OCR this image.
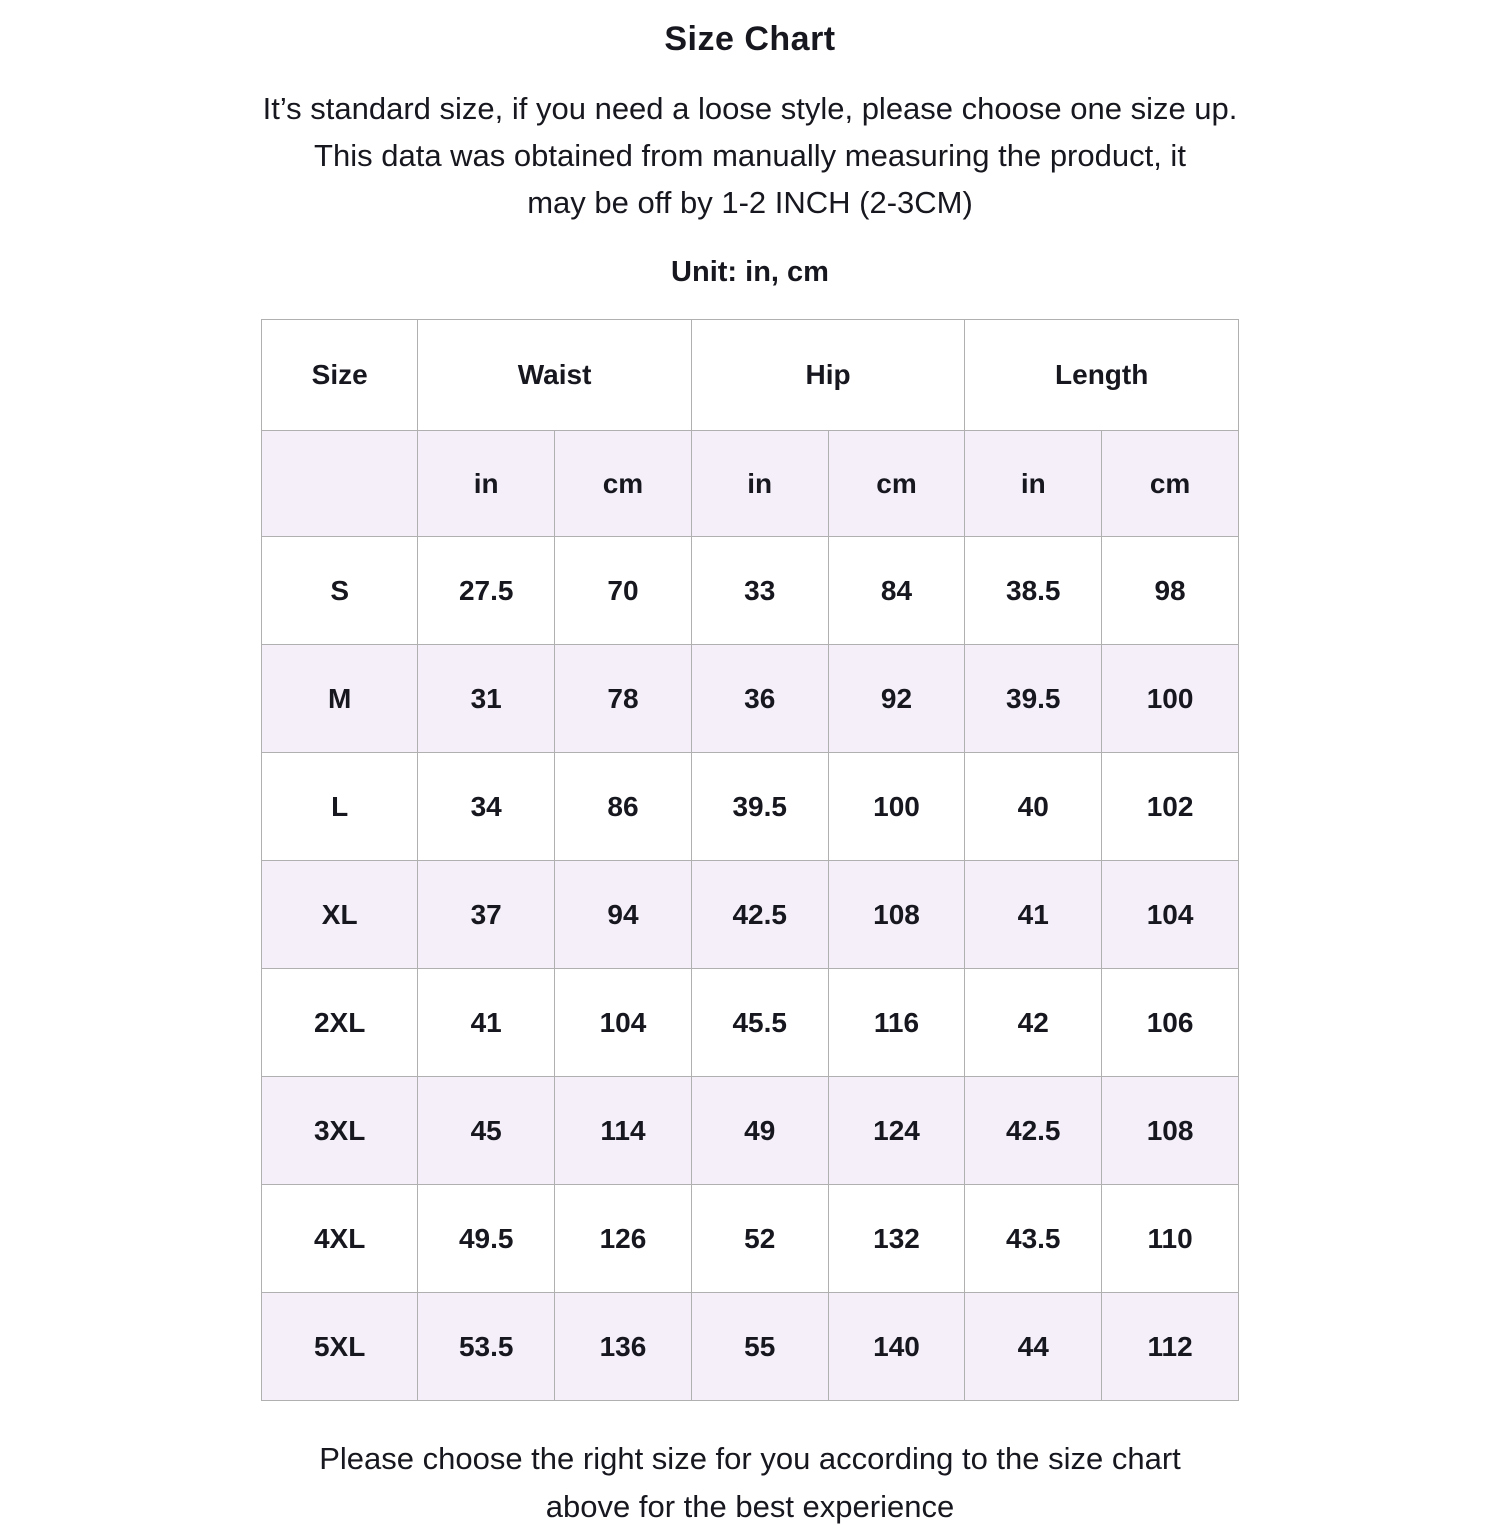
Size Chart

It’s standard size, if you need a loose style, please choose one size up.
This data was obtained from manually measuring the product, it
may be off by 1-2 INCH (2-3CM)

Unit: in, cm
Size	Waist		Hip		Length	
	in	cm	in	cm	in	cm
S	27.5	70	33	84	38.5	98
M	31	78	36	92	39.5	100
L	34	86	39.5	100	40	102
XL	37	94	42.5	108	41	104
2XL	41	104	45.5	116	42	106
3XL	45	114	49	124	42.5	108
4XL	49.5	126	52	132	43.5	110
5XL	53.5	136	55	140	44	112

Please choose the right size for you according to the size chart
above for the best experience
